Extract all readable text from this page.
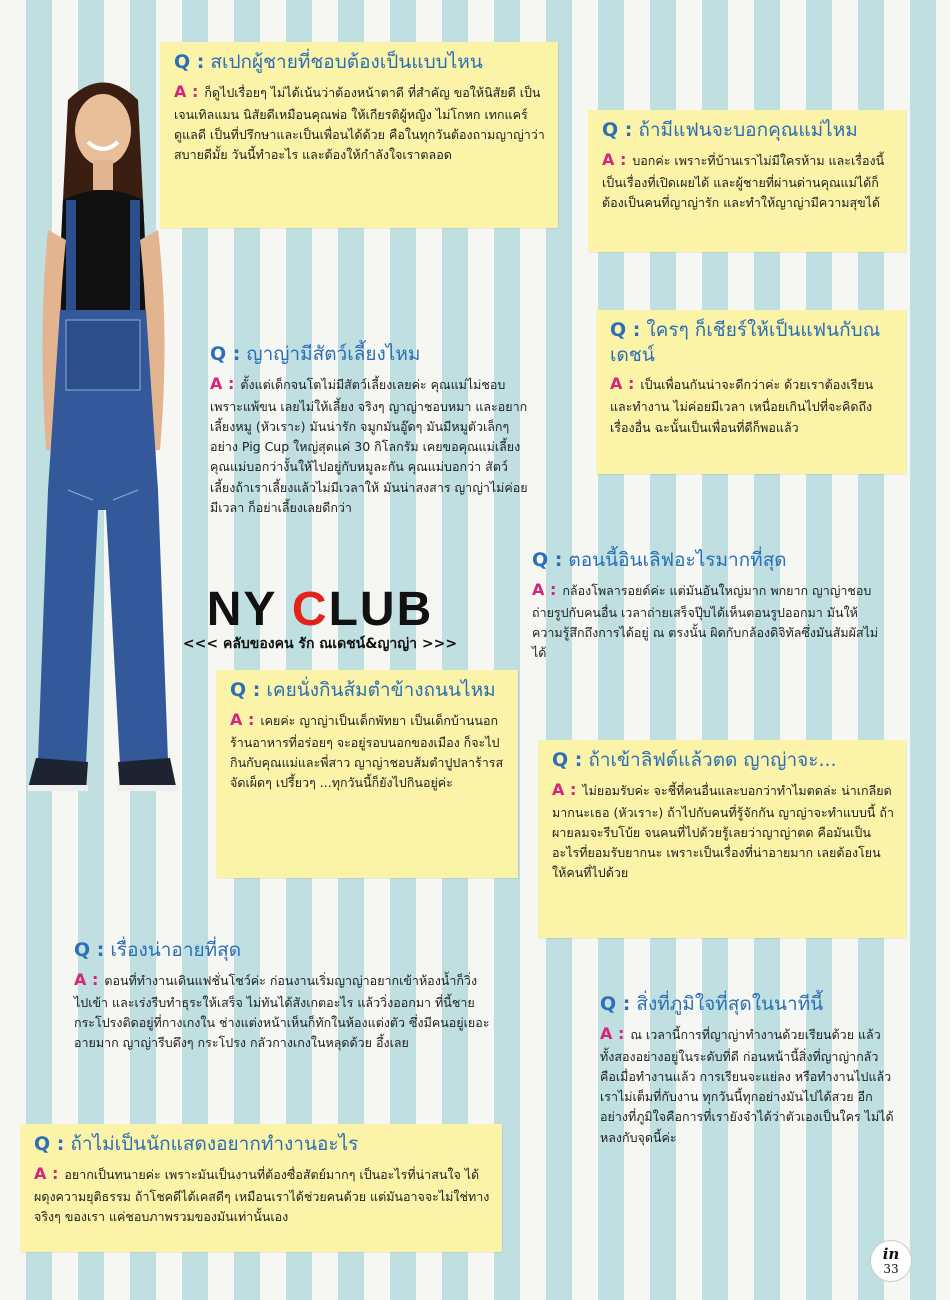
Q : สเปกผู้ชายที่ชอบต้องเป็นแบบไหน

A : ก็ดูไปเรื่อยๆ ไม่ได้เน้นว่าต้องหน้าตาดี ที่สำคัญ ขอให้นิสัยดี เป็นเจนเทิลแมน นิสัยดีเหมือนคุณพ่อ ให้เกียรติผู้หญิง ไม่โกหก เทกแคร์ดูแลดี เป็นที่ปรึกษาและเป็นเพื่อนได้ด้วย คือในทุกวันต้องถามญาญ่าว่าสบายดีมั้ย วันนี้ทำอะไร และต้องให้กำลังใจเราตลอด

Q : ถ้ามีแฟนจะบอกคุณแม่ไหม

A : บอกค่ะ เพราะที่บ้านเราไม่มีใครห้าม และเรื่องนี้เป็นเรื่องที่เปิดเผยได้ และผู้ชายที่ผ่านด่านคุณแม่ได้ก็ต้องเป็นคนที่ญาญ่ารัก และทำให้ญาญ่ามีความสุขได้

Q : ญาญ่ามีสัตว์เลี้ยงไหม

A : ตั้งแต่เด็กจนโตไม่มีสัตว์เลี้ยงเลยค่ะ คุณแม่ไม่ชอบ เพราะแพ้ขน เลยไม่ให้เลี้ยง จริงๆ ญาญ่าชอบหมา และอยากเลี้ยงหมู (หัวเราะ) มันน่ารัก จมูกมันอู๊ดๆ มันมีหมูตัวเล็กๆ อย่าง Pig Cup ใหญ่สุดแค่ 30 กิโลกรัม เคยขอคุณแม่เลี้ยง คุณแม่บอกว่างั้นให้ไปอยู่กับหมูละกัน คุณแม่บอกว่า สัตว์เลี้ยงถ้าเราเลี้ยงแล้วไม่มีเวลาให้ มันน่าสงสาร ญาญ่าไม่ค่อยมีเวลา ก็อย่าเลี้ยงเลยดีกว่า

Q : ใครๆ ก็เชียร์ให้เป็นแฟนกับณเดชน์

A : เป็นเพื่อนกันน่าจะดีกว่าค่ะ ด้วยเราต้องเรียนและทำงาน ไม่ค่อยมีเวลา เหนื่อยเกินไปที่จะคิดถึงเรื่องอื่น ฉะนั้นเป็นเพื่อนที่ดีก็พอแล้ว

Q : ตอนนี้อินเลิฟอะไรมากที่สุด

A : กล้องโพลารอยด์ค่ะ แต่มันอันใหญ่มาก พกยาก ญาญ่าชอบถ่ายรูปกับคนอื่น เวลาถ่ายเสร็จปุ๊บได้เห็นตอนรูปออกมา มันให้ความรู้สึกถึงการได้อยู่ ณ ตรงนั้น ผิดกับกล้องดิจิทัลซึ่งมันสัมผัสไม่ได้

NY CLUB
<<< คลับของคน รัก ณเดชน์&ญาญ่า >>>
Q : เคยนั่งกินส้มตำข้างถนนไหม

A : เคยค่ะ ญาญ่าเป็นเด็กพัทยา เป็นเด็กบ้านนอก ร้านอาหารที่อร่อยๆ จะอยู่รอบนอกของเมือง ก็จะไปกินกับคุณแม่และพี่สาว ญาญ่าชอบส้มตำปูปลาร้ารสจัดเผ็ดๆ เปรี้ยวๆ ...ทุกวันนี้ก็ยังไปกินอยู่ค่ะ

Q : ถ้าเข้าลิฟต์แล้วตด ญาญ่าจะ...

A : ไม่ยอมรับค่ะ จะชี้ที่คนอื่นและบอกว่าทำไมตดล่ะ น่าเกลียดมากนะเธอ (หัวเราะ) ถ้าไปกับคนที่รู้จักกัน ญาญ่าจะทำแบบนี้ ถ้าผายลมจะรีบโบ้ย จนคนที่ไปด้วยรู้เลยว่าญาญ่าตด คือมันเป็นอะไรที่ยอมรับยากนะ เพราะเป็นเรื่องที่น่าอายมาก เลยต้องโยนให้คนที่ไปด้วย

Q : เรื่องน่าอายที่สุด

A : ตอนที่ทำงานเดินแฟชั่นโชว์ค่ะ ก่อนงานเริ่มญาญ่าอยากเข้าห้องน้ำก็วิ่งไปเข้า และเร่งรีบทำธุระให้เสร็จ ไม่ทันได้สังเกตอะไร แล้ววิ่งออกมา ที่นี้ชายกระโปรงติดอยู่ที่กางเกงใน ช่างแต่งหน้าเห็นก็ทักในห้องแต่งตัว ซึ่งมีคนอยู่เยอะ อายมาก ญาญ่ารีบดึงๆ กระโปรง กลัวกางเกงในหลุดด้วย อึ้งเลย

Q : สิ่งที่ภูมิใจที่สุดในนาทีนี้

A : ณ เวลานี้การที่ญาญ่าทำงานด้วยเรียนด้วย แล้วทั้งสองอย่างอยู่ในระดับที่ดี ก่อนหน้านี้สิ่งที่ญาญ่ากลัวคือเมื่อทำงานแล้ว การเรียนจะแย่ลง หรือทำงานไปแล้วเราไม่เต็มที่กับงาน ทุกวันนี้ทุกอย่างมันไปได้สวย อีกอย่างที่ภูมิใจคือการที่เรายังจำได้ว่าตัวเองเป็นใคร ไม่ได้หลงกับจุดนี้ค่ะ

Q : ถ้าไม่เป็นนักแสดงอยากทำงานอะไร

A : อยากเป็นทนายค่ะ เพราะมันเป็นงานที่ต้องซื่อสัตย์มากๆ เป็นอะไรที่น่าสนใจ ได้ผดุงความยุติธรรม ถ้าโชคดีได้เคสดีๆ เหมือนเราได้ช่วยคนด้วย แต่มันอาจจะไม่ใช่ทางจริงๆ ของเรา แค่ชอบภาพรวมของมันเท่านั้นเอง

in
33
